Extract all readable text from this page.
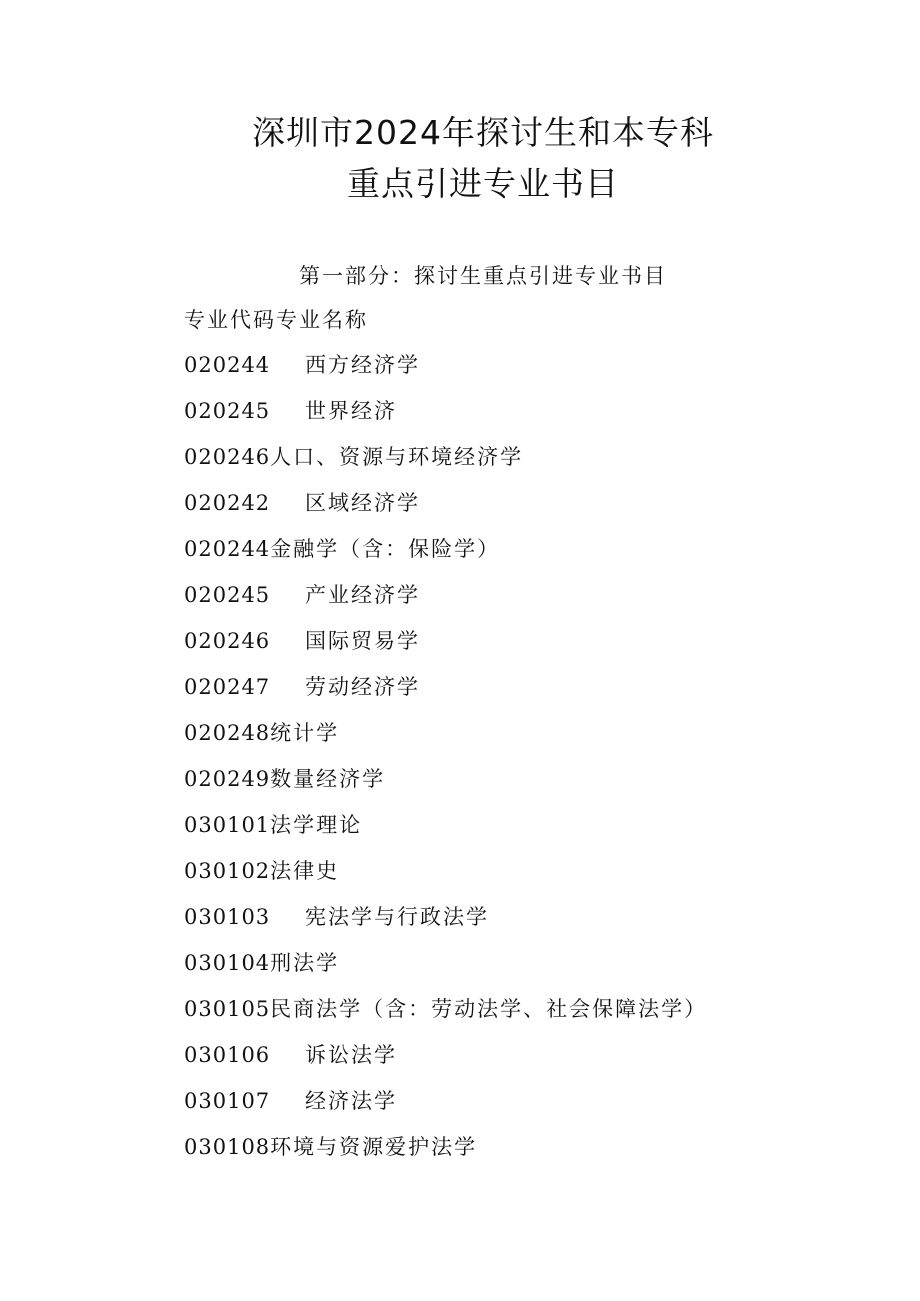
深圳市2024年探讨生和本专科
重点引进专业书目
第一部分：探讨生重点引进专业书目
专业代码专业名称
020244 西方经济学
020245 世界经济
020246人口、资源与环境经济学
020242 区域经济学
020244金融学（含：保险学）
020245 产业经济学
020246 国际贸易学
020247 劳动经济学
020248统计学
020249数量经济学
030101法学理论
030102法律史
030103 宪法学与行政法学
030104刑法学
030105民商法学（含：劳动法学、社会保障法学）
030106 诉讼法学
030107 经济法学
030108环境与资源爱护法学
